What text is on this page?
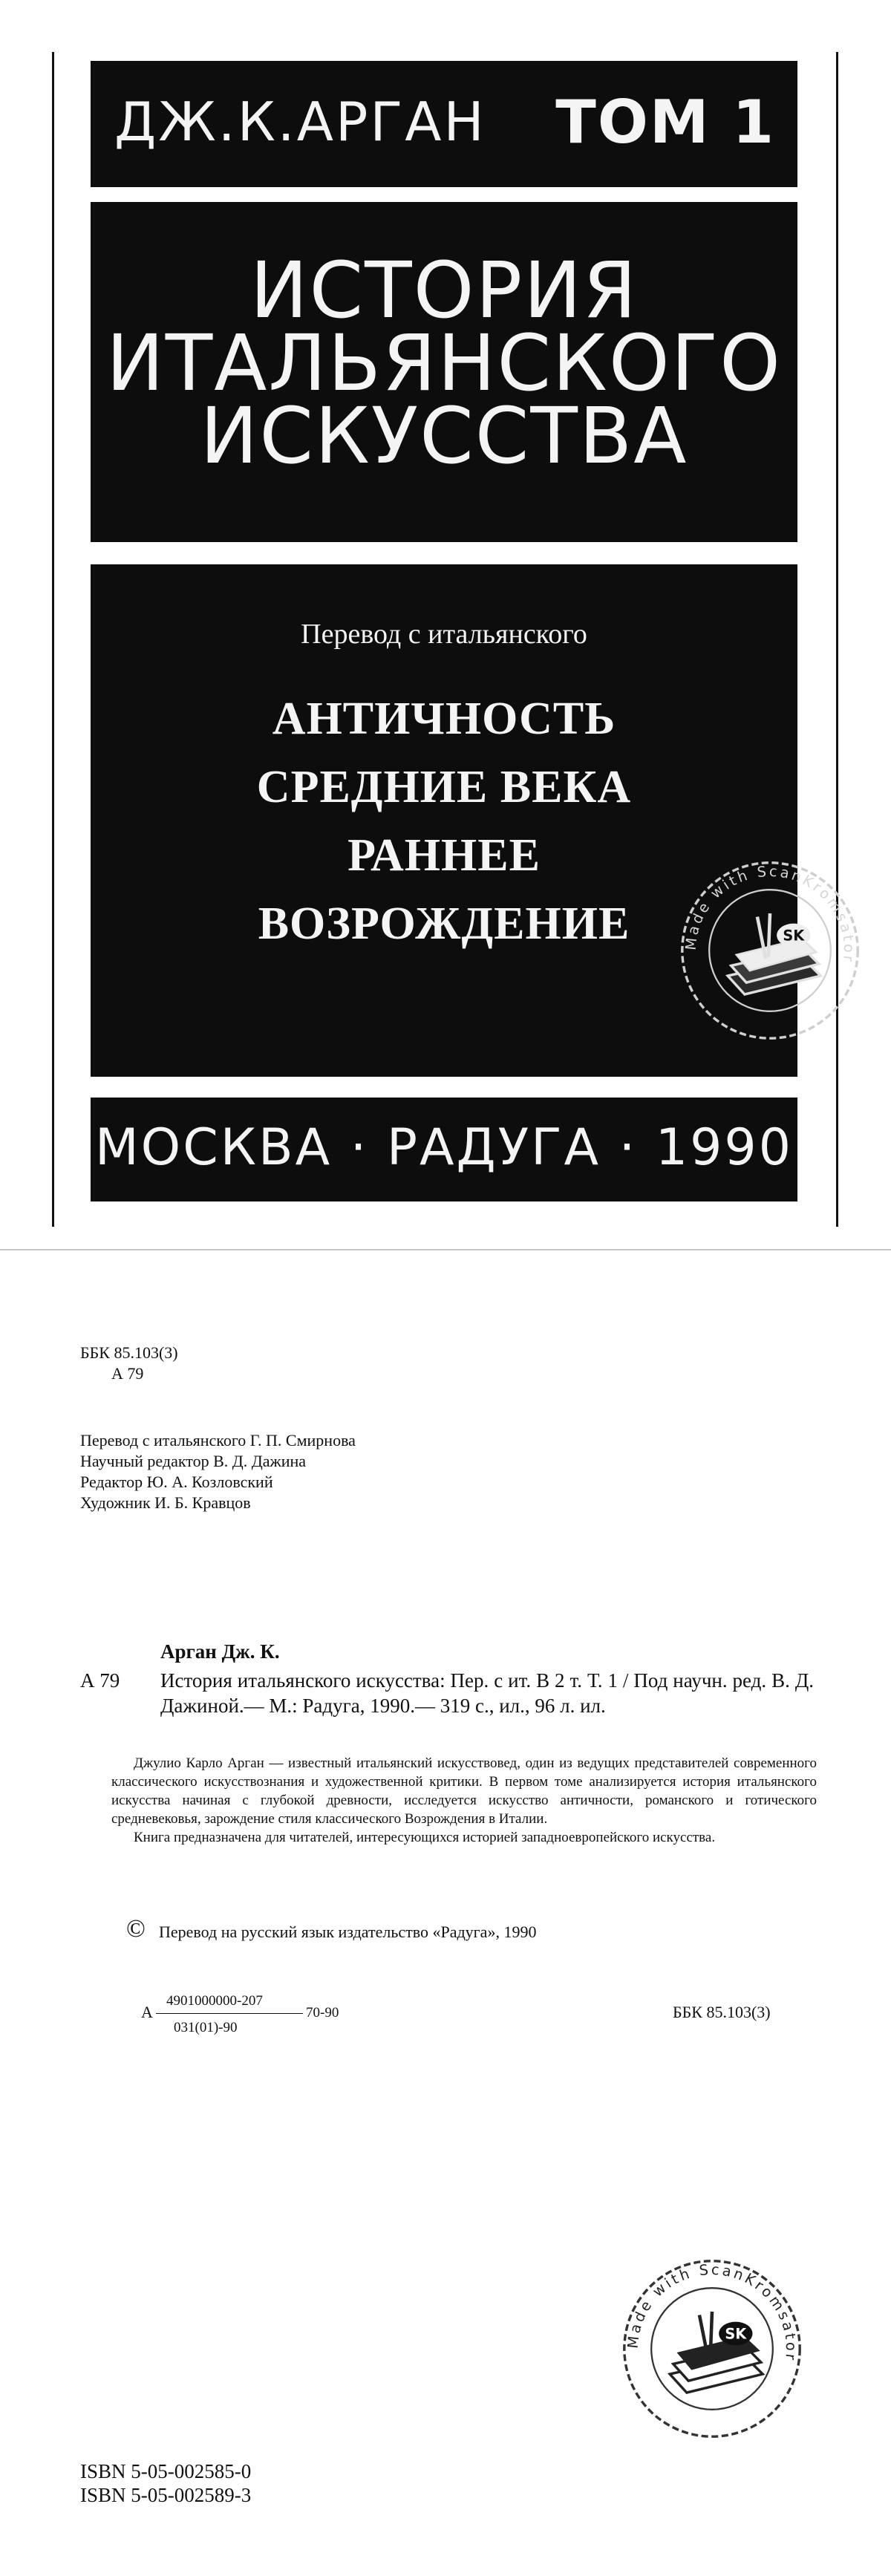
ДЖ.К.АРГАН ТОМ 1
ИСТОРИЯ
ИТАЛЬЯНСКОГО
ИСКУССТВА
Перевод с итальянского
АНТИЧНОСТЬ
СРЕДНИЕ ВЕКА
РАННЕЕ
ВОЗРОЖДЕНИЕ	Made with ScanKromsator
SK
МОСКВА · РАДУГА · 1990
ББК 85.103(3)
А 79
Перевод с итальянского Г. П. Смирнова
Научный редактор В. Д. Дажина
Редактор Ю. А. Козловский
Художник И. Б. Кравцов
Арган Дж. К.
А 79 История итальянского искусства: Пер. с ит. В 2 т. Т. 1 / Под научн. ред. В. Д. Дажиной.— М.: Радуга, 1990.— 319 с., ил., 96 л. ил.

Джулио Карло Арган — известный итальянский искусствовед, один из ведущих представителей современного классического искусствознания и художественной критики. В первом томе анализируется история итальянского искусства начиная с глубокой древности, исследуется искусство античности, романского и готического средневековья, зарождение стиля классического Возрождения в Италии.

Книга предназначена для читателей, интересующихся историей западноевропейского искусства.

© Перевод на русский язык издательство «Радуга», 1990
А
4901000000-207
70-90
031(01)-90
ББК 85.103(3)
Made with ScanKromsator
SK
ISBN 5-05-002585-0
ISBN 5-05-002589-3
